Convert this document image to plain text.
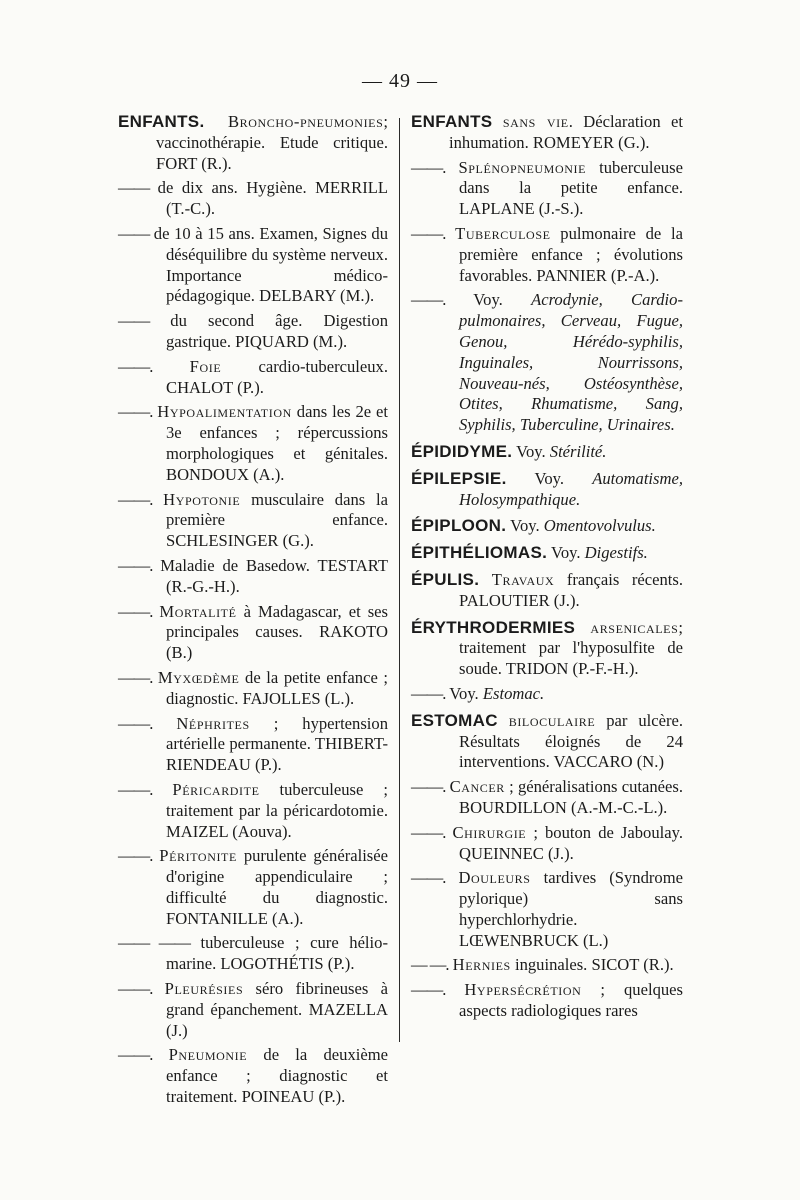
— 49 —
ENFANTS. Broncho-pneumonies; vaccinothérapie. Etude critique. FORT (R.).
—— de dix ans. Hygiène. MERRILL (T.-C.).
—— de 10 à 15 ans. Examen, Signes du déséquilibre du système nerveux. Importance médico-pédagogique. DELBARY (M.).
—— du second âge. Digestion gastrique. PIQUARD (M.).
——. Foie cardio-tuberculeux. CHALOT (P.).
——. Hypoalimentation dans les 2e et 3e enfances ; répercussions morphologiques et génitales. BONDOUX (A.).
——. Hypotonie musculaire dans la première enfance. SCHLESINGER (G.).
——. Maladie de Basedow. TESTART (R.-G.-H.).
——. Mortalité à Madagascar, et ses principales causes. RAKOTO (B.)
——. Myxœdème de la petite enfance ; diagnostic. FAJOLLES (L.).
——. Néphrites ; hypertension artérielle permanente. THIBERT-RIENDEAU (P.).
——. Péricardite tuberculeuse ; traitement par la péricardotomie. MAIZEL (Aouva).
——. Péritonite purulente généralisée d'origine appendiculaire ; difficulté du diagnostic. FONTANILLE (A.).
—— —— tuberculeuse ; cure hélio-marine. LOGOTHÉTIS (P.).
——. Pleurésies séro fibrineuses à grand épanchement. MAZELLA (J.)
——. Pneumonie de la deuxième enfance ; diagnostic et traitement. POINEAU (P.).
ENFANTS sans vie. Déclaration et inhumation. ROMEYER (G.).
——. Splénopneumonie tuberculeuse dans la petite enfance. LAPLANE (J.-S.).
——. Tuberculose pulmonaire de la première enfance ; évolutions favorables. PANNIER (P.-A.).
——. Voy. Acrodynie, Cardio-pulmonaires, Cerveau, Fugue, Genou, Hérédo-syphilis, Inguinales, Nourrissons, Nouveau-nés, Ostéosynthèse, Otites, Rhumatisme, Sang, Syphilis, Tuberculine, Urinaires.
ÉPIDIDYME. Voy. Stérilité.
ÉPILEPSIE. Voy. Automatisme, Holosympathique.
ÉPIPLOON. Voy. Omentovolvulus.
ÉPITHÉLIOMAS. Voy. Digestifs.
ÉPULIS. Travaux français récents. PALOUTIER (J.).
ÉRYTHRODERMIES arsenicales; traitement par l'hyposulfite de soude. TRIDON (P.-F.-H.).
——. Voy. Estomac.
ESTOMAC biloculaire par ulcère. Résultats éloignés de 24 interventions. VACCARO (N.)
——. Cancer ; généralisations cutanées. BOURDILLON (A.-M.-C.-L.).
——. Chirurgie ; bouton de Jaboulay. QUEINNEC (J.).
——. Douleurs tardives (Syndrome pylorique) sans hyperchlorhydrie. LŒWENBRUCK (L.)
— —. Hernies inguinales. SICOT (R.).
——. Hypersécrétion ; quelques aspects radiologiques rares
